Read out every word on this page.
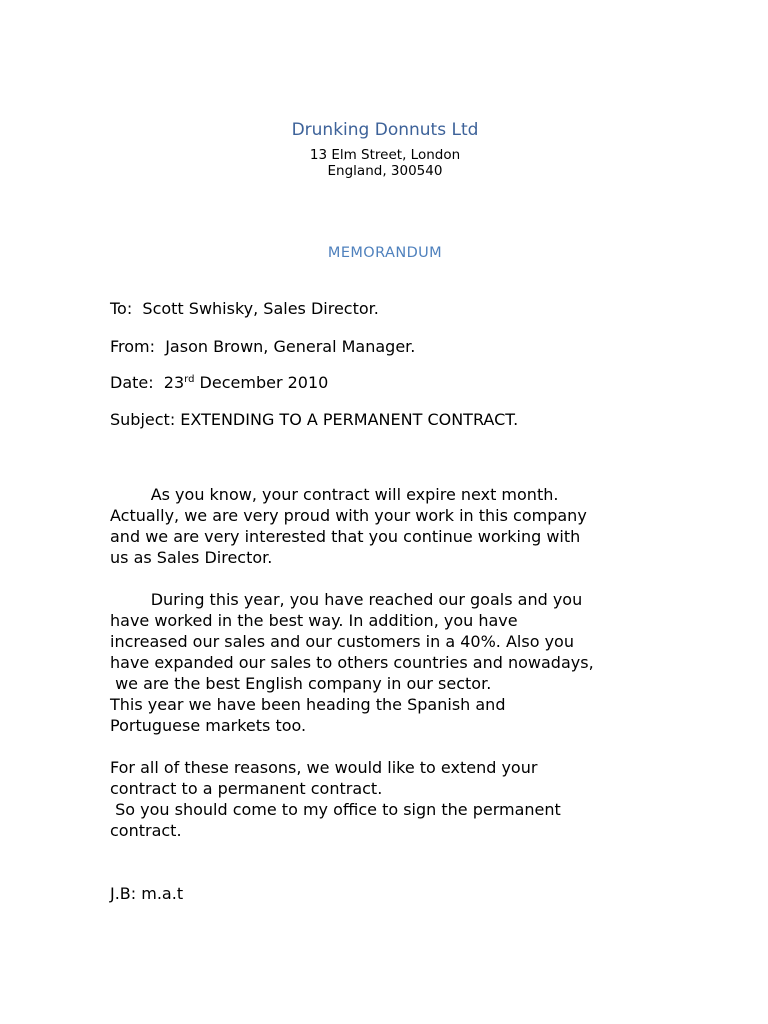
Drunking Donnuts Ltd
13 Elm Street, London
England, 300540
MEMORANDUM
To:  Scott Swhisky, Sales Director.
From:  Jason Brown, General Manager.
Date:  23rd December 2010
Subject: EXTENDING TO A PERMANENT CONTRACT.
As you know, your contract will expire next month.
Actually, we are very proud with your work in this company
and we are very interested that you continue working with
us as Sales Director.
During this year, you have reached our goals and you
have worked in the best way. In addition, you have
increased our sales and our customers in a 40%. Also you
have expanded our sales to others countries and nowadays,
we are the best English company in our sector.
This year we have been heading the Spanish and
Portuguese markets too.
For all of these reasons, we would like to extend your
contract to a permanent contract.
So you should come to my office to sign the permanent
contract.
J.B: m.a.t
